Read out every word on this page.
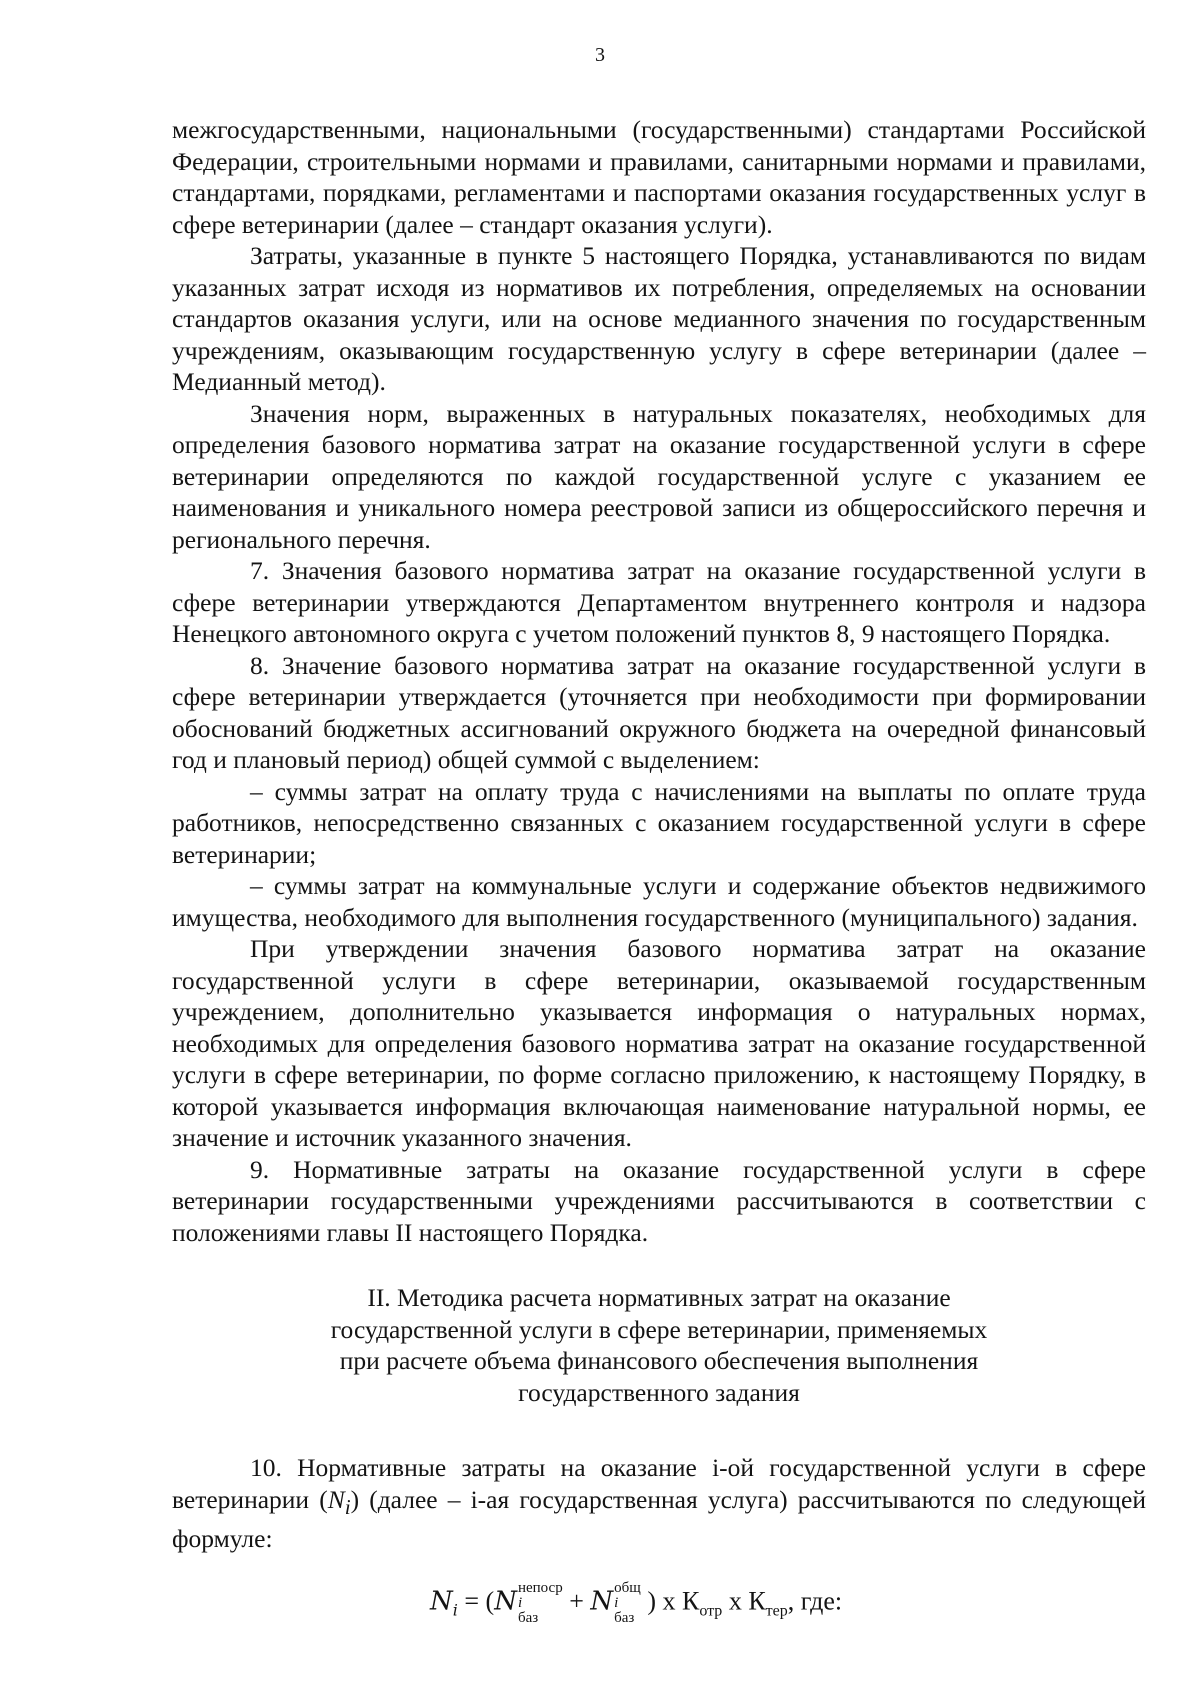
3

межгосударственными, национальными (государственными) стандартами Российской Федерации, строительными нормами и правилами, санитарными нормами и правилами, стандартами, порядками, регламентами и паспортами оказания государственных услуг в сфере ветеринарии (далее – стандарт оказания услуги).

Затраты, указанные в пункте 5 настоящего Порядка, устанавливаются по видам указанных затрат исходя из нормативов их потребления, определяемых на основании стандартов оказания услуги, или на основе медианного значения по государственным учреждениям, оказывающим государственную услугу в сфере ветеринарии (далее – Медианный метод).

Значения норм, выраженных в натуральных показателях, необходимых для определения базового норматива затрат на оказание государственной услуги в сфере ветеринарии определяются по каждой государственной услуге с указанием ее наименования и уникального номера реестровой записи из общероссийского перечня и регионального перечня.

7. Значения базового норматива затрат на оказание государственной услуги в сфере ветеринарии утверждаются Департаментом внутреннего контроля и надзора Ненецкого автономного округа с учетом положений пунктов 8, 9 настоящего Порядка.

8. Значение базового норматива затрат на оказание государственной услуги в сфере ветеринарии утверждается (уточняется при необходимости при формировании обоснований бюджетных ассигнований окружного бюджета на очередной финансовый год и плановый период) общей суммой с выделением:

– суммы затрат на оплату труда с начислениями на выплаты по оплате труда работников, непосредственно связанных с оказанием государственной услуги в сфере ветеринарии;

– суммы затрат на коммунальные услуги и содержание объектов недвижимого имущества, необходимого для выполнения государственного (муниципального) задания.

При утверждении значения базового норматива затрат на оказание государственной услуги в сфере ветеринарии, оказываемой государственным учреждением, дополнительно указывается информация о натуральных нормах, необходимых для определения базового норматива затрат на оказание государственной услуги в сфере ветеринарии, по форме согласно приложению, к настоящему Порядку, в которой указывается информация включающая наименование натуральной нормы, ее значение и источник указанного значения.

9. Нормативные затраты на оказание государственной услуги в сфере ветеринарии государственными учреждениями рассчитываются в соответствии с положениями главы II настоящего Порядка.

II. Методика расчета нормативных затрат на оказание
государственной услуги в сфере ветеринарии, применяемых
при расчете объема финансового обеспечения выполнения
государственного задания

10. Нормативные затраты на оказание i-ой государственной услуги в сфере ветеринарии $(N_i)$ (далее – i-ая государственная услуга) рассчитываются по следующей формуле:

$N_i = (N$ непоср
i
баз
+ N общ
i
баз
) x $К_{отр}$ x $К_{тер}$, где:
